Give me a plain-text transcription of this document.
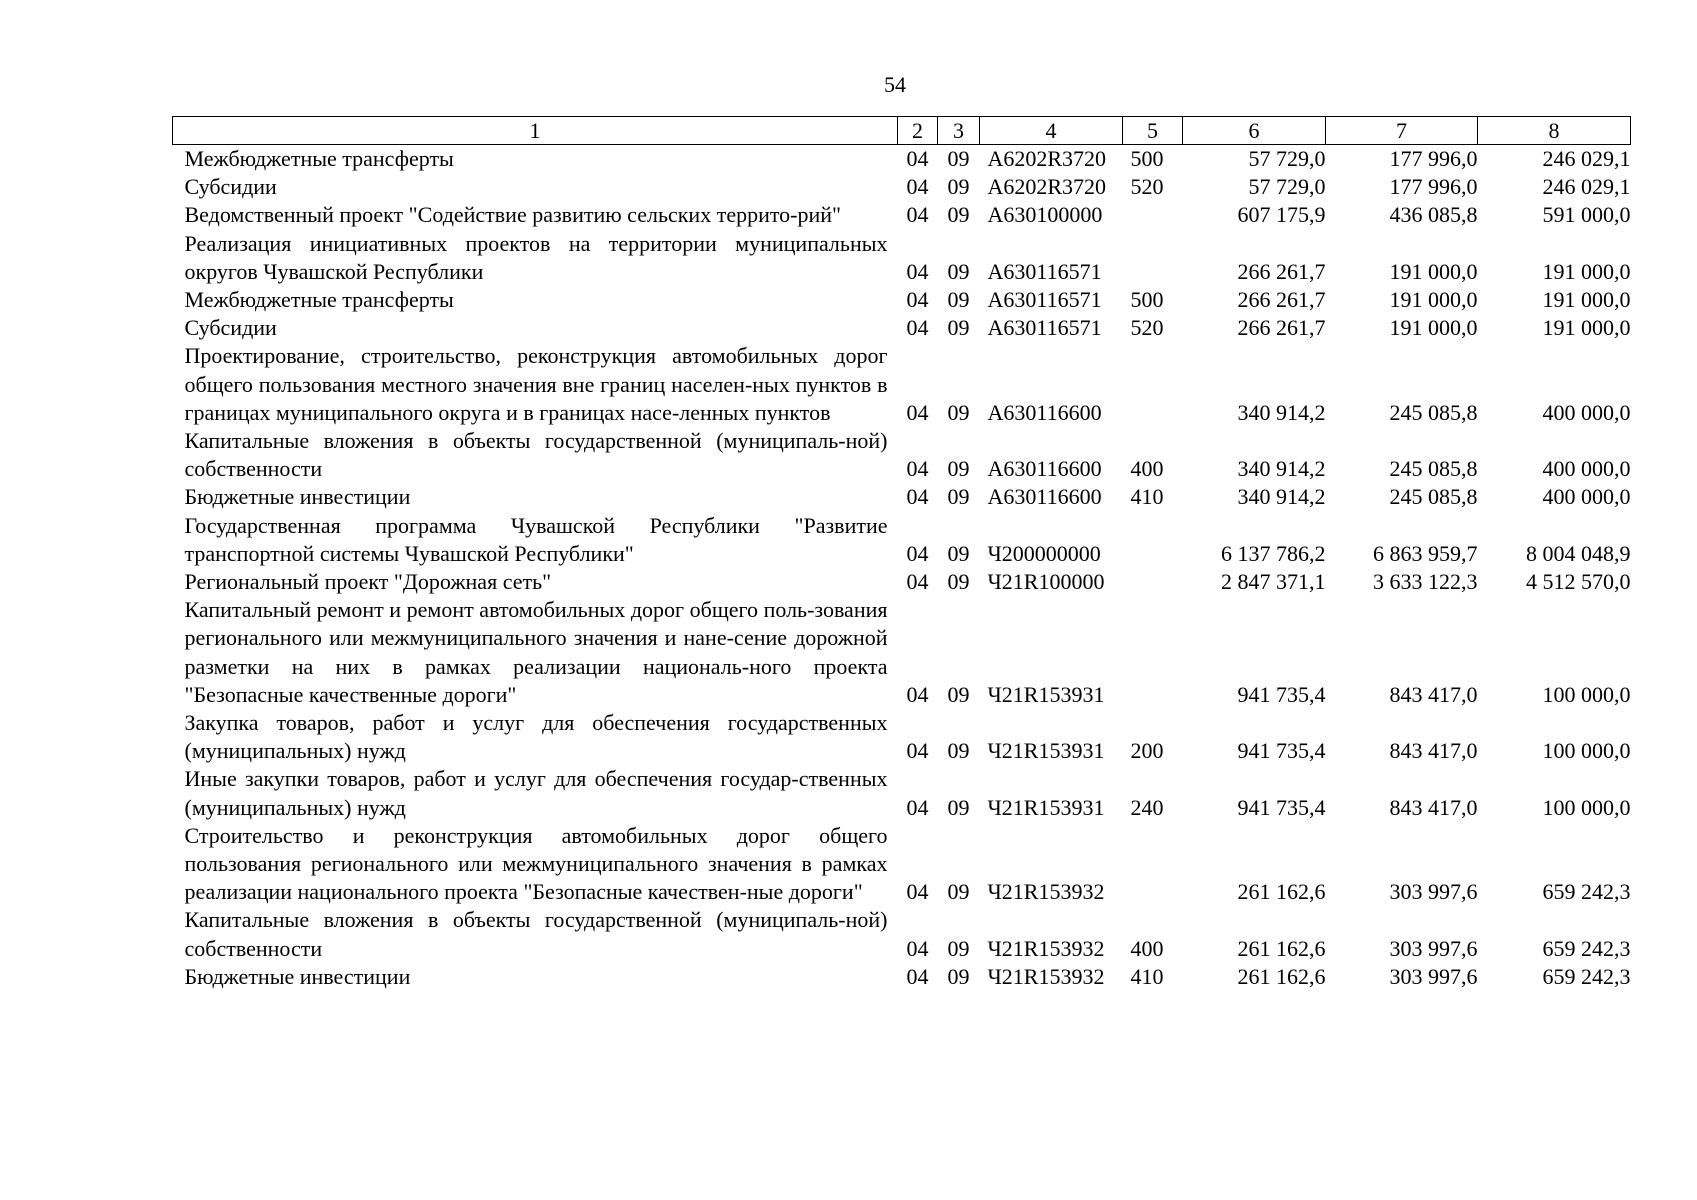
54
1	2	3	4	5	6	7	8
Межбюджетные трансферты	04	09	А6202R3720	500	57 729,0	177 996,0	246 029,1
Субсидии	04	09	А6202R3720	520	57 729,0	177 996,0	246 029,1
Ведомственный проект "Содействие развитию сельских террито-рий"	04	09	А630100000		607 175,9	436 085,8	591 000,0
Реализация инициативных проектов на территории муниципальных округов Чувашской Республики	04	09	А630116571		266 261,7	191 000,0	191 000,0
Межбюджетные трансферты	04	09	А630116571	500	266 261,7	191 000,0	191 000,0
Субсидии	04	09	А630116571	520	266 261,7	191 000,0	191 000,0
Проектирование, строительство, реконструкция автомобильных дорог общего пользования местного значения вне границ населен-ных пунктов в границах муниципального округа и в границах насе-ленных пунктов	04	09	А630116600		340 914,2	245 085,8	400 000,0
Капитальные вложения в объекты государственной (муниципаль-ной) собственности	04	09	А630116600	400	340 914,2	245 085,8	400 000,0
Бюджетные инвестиции	04	09	А630116600	410	340 914,2	245 085,8	400 000,0
Государственная программа Чувашской Республики "Развитие транспортной системы Чувашской Республики"	04	09	Ч200000000		6 137 786,2	6 863 959,7	8 004 048,9
Региональный проект "Дорожная сеть"	04	09	Ч21R100000		2 847 371,1	3 633 122,3	4 512 570,0
Капитальный ремонт и ремонт автомобильных дорог общего поль-зования регионального или межмуниципального значения и нане-сение дорожной разметки на них в рамках реализации националь-ного проекта "Безопасные качественные дороги"	04	09	Ч21R153931		941 735,4	843 417,0	100 000,0
Закупка товаров, работ и услуг для обеспечения государственных (муниципальных) нужд	04	09	Ч21R153931	200	941 735,4	843 417,0	100 000,0
Иные закупки товаров, работ и услуг для обеспечения государ-ственных (муниципальных) нужд	04	09	Ч21R153931	240	941 735,4	843 417,0	100 000,0
Строительство и реконструкция автомобильных дорог общего пользования регионального или межмуниципального значения в рамках реализации национального проекта "Безопасные качествен-ные дороги"	04	09	Ч21R153932		261 162,6	303 997,6	659 242,3
Капитальные вложения в объекты государственной (муниципаль-ной) собственности	04	09	Ч21R153932	400	261 162,6	303 997,6	659 242,3
Бюджетные инвестиции	04	09	Ч21R153932	410	261 162,6	303 997,6	659 242,3
